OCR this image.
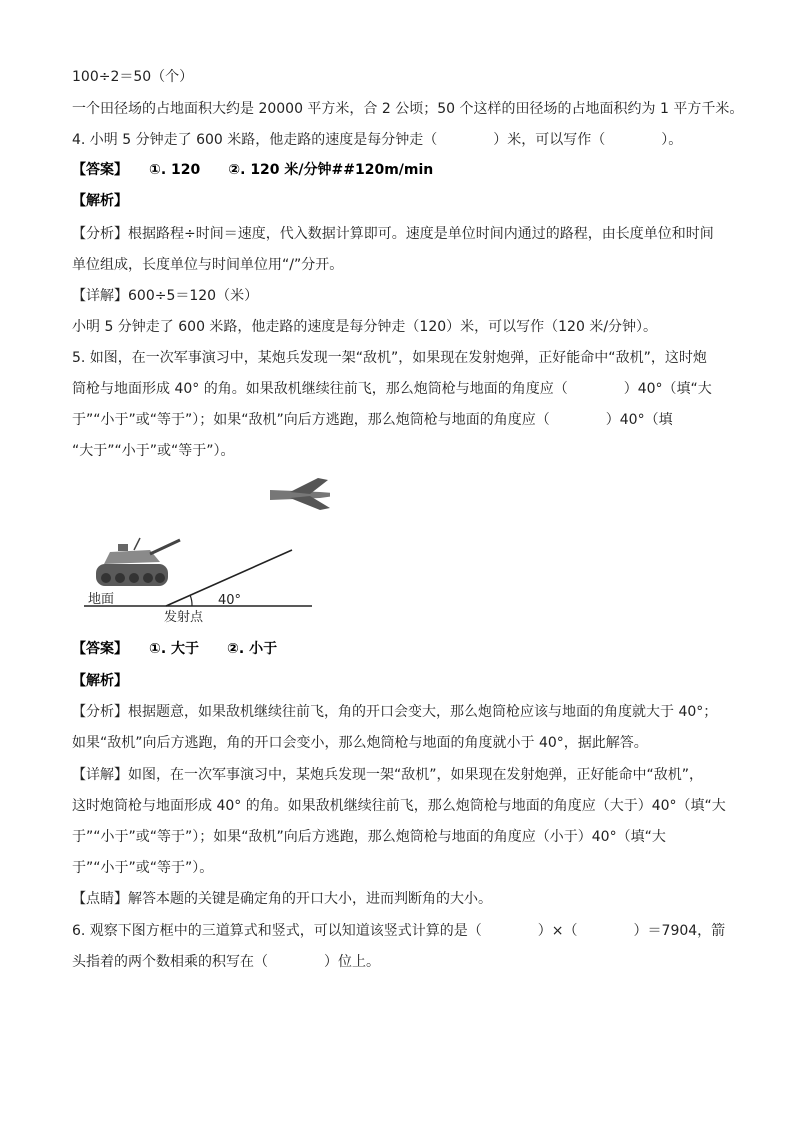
100÷2＝50（个）
一个田径场的占地面积大约是 20000 平方米，合 2 公顷；50 个这样的田径场的占地面积约为 1 平方千米。
4. 小明 5 分钟走了 600 米路，他走路的速度是每分钟走（　　　　）米，可以写作（　　　　）。
【答案】　　①. 120　　②. 120 米/分钟##120m/min
【解析】
【分析】根据路程÷时间＝速度，代入数据计算即可。速度是单位时间内通过的路程，由长度单位和时间
单位组成，长度单位与时间单位用“/”分开。
【详解】600÷5＝120（米）
小明 5 分钟走了 600 米路，他走路的速度是每分钟走（120）米，可以写作（120 米/分钟）。
5. 如图，在一次军事演习中，某炮兵发现一架“敌机”，如果现在发射炮弹，正好能命中“敌机”，这时炮
筒枪与地面形成 40° 的角。如果敌机继续往前飞，那么炮筒枪与地面的角度应（　　　　）40°（填“大
于”“小于”或“等于”）；如果“敌机”向后方逃跑，那么炮筒枪与地面的角度应（　　　　）40°（填
“大于”“小于”或“等于”）。
地面
发射点
40°
【答案】　　①. 大于　　②. 小于
【解析】
【分析】根据题意，如果敌机继续往前飞，角的开口会变大，那么炮筒枪应该与地面的角度就大于 40°；
如果“敌机”向后方逃跑，角的开口会变小，那么炮筒枪与地面的角度就小于 40°，据此解答。
【详解】如图，在一次军事演习中，某炮兵发现一架“敌机”，如果现在发射炮弹，正好能命中“敌机”，
这时炮筒枪与地面形成 40° 的角。如果敌机继续往前飞，那么炮筒枪与地面的角度应（大于）40°（填“大
于”“小于”或“等于”）；如果“敌机”向后方逃跑，那么炮筒枪与地面的角度应（小于）40°（填“大
于”“小于”或“等于”）。
【点睛】解答本题的关键是确定角的开口大小，进而判断角的大小。
6. 观察下图方框中的三道算式和竖式，可以知道该竖式计算的是（　　　　）×（　　　　）＝7904，箭
头指着的两个数相乘的积写在（　　　　）位上。
